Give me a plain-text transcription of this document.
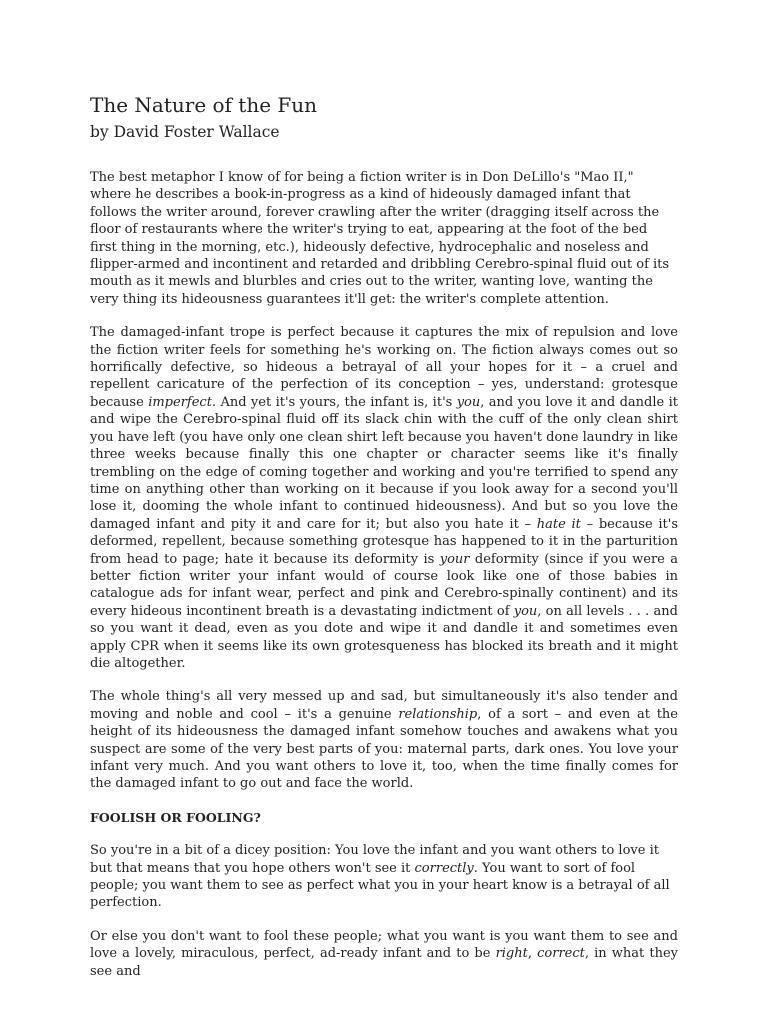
The Nature of the Fun
by David Foster Wallace

The best metaphor I know of for being a fiction writer is in Don DeLillo's "Mao II," where he describes a book-in-progress as a kind of hideously damaged infant that follows the writer around, forever crawling after the writer (dragging itself across the floor of restaurants where the writer's trying to eat, appearing at the foot of the bed first thing in the morning, etc.), hideously defective, hydrocephalic and noseless and flipper-armed and incontinent and retarded and dribbling Cerebro-spinal fluid out of its mouth as it mewls and blurbles and cries out to the writer, wanting love, wanting the very thing its hideousness guarantees it'll get: the writer's complete attention.

The damaged-infant trope is perfect because it captures the mix of repulsion and love the fiction writer feels for something he's working on. The fiction always comes out so horrifically defective, so hideous a betrayal of all your hopes for it – a cruel and repellent caricature of the perfection of its conception – yes, understand: grotesque because imperfect. And yet it's yours, the infant is, it's you, and you love it and dandle it and wipe the Cerebro-spinal fluid off its slack chin with the cuff of the only clean shirt you have left (you have only one clean shirt left because you haven't done laundry in like three weeks because finally this one chapter or character seems like it's finally trembling on the edge of coming together and working and you're terrified to spend any time on anything other than working on it because if you look away for a second you'll lose it, dooming the whole infant to continued hideousness). And but so you love the damaged infant and pity it and care for it; but also you hate it – hate it – because it's deformed, repellent, because something grotesque has happened to it in the parturition from head to page; hate it because its deformity is your deformity (since if you were a better fiction writer your infant would of course look like one of those babies in catalogue ads for infant wear, perfect and pink and Cerebro-spinally continent) and its every hideous incontinent breath is a devastating indictment of you, on all levels . . . and so you want it dead, even as you dote and wipe it and dandle it and sometimes even apply CPR when it seems like its own grotesqueness has blocked its breath and it might die altogether.

The whole thing's all very messed up and sad, but simultaneously it's also tender and moving and noble and cool – it's a genuine relationship, of a sort – and even at the height of its hideousness the damaged infant somehow touches and awakens what you suspect are some of the very best parts of you: maternal parts, dark ones. You love your infant very much. And you want others to love it, too, when the time finally comes for the damaged infant to go out and face the world.

FOOLISH OR FOOLING?

So you're in a bit of a dicey position: You love the infant and you want others to love it but that means that you hope others won't see it correctly. You want to sort of fool people; you want them to see as perfect what you in your heart know is a betrayal of all perfection.

Or else you don't want to fool these people; what you want is you want them to see and love a lovely, miraculous, perfect, ad-ready infant and to be right, correct, in what they see and
